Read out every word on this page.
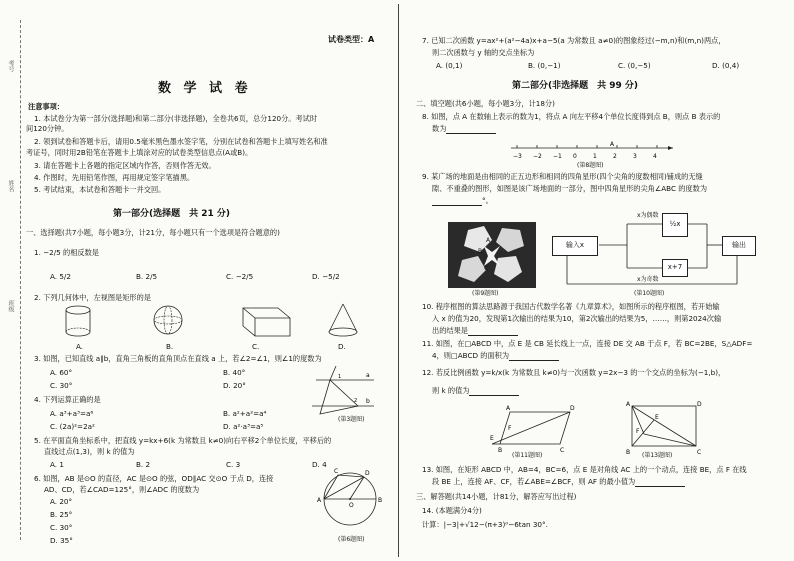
考号
姓名
班级
试卷类型：A
数 学 试 卷
注意事项：
1. 本试卷分为第一部分(选择题)和第二部分(非选择题)，全卷共6页，总分120分。考试时
间120分钟。
2. 领到试卷和答题卡后，请用0.5毫米黑色墨水签字笔，分别在试卷和答题卡上填写姓名和准
考证号，同时用2B铅笔在答题卡上填涂对应的试卷类型信息点(A或B)。
3. 请在答题卡上各题的指定区域内作答，否则作答无效。
4. 作图时，先用铅笔作图，再用规定签字笔描黑。
5. 考试结束，本试卷和答题卡一并交回。
第一部分(选择题　共 21 分)
一、选择题(共7小题，每小题3分，计21分，每小题只有一个选项是符合题意的)
1. −2/5 的相反数是
A. 5/2	B. 2/5	C. −2/5	D. −5/2
2. 下列几何体中，左视图是矩形的是
A.	B.	C.	D.
3. 如图，已知直线 a∥b，直角三角板的直角顶点在直线 a 上，若∠2=∠1，则∠1的度数为
A. 60°	B. 40°
C. 30°	D. 20°
a
b
1
2
(第3题图)
4. 下列运算正确的是
A. a³+a³=a⁶	B. a²+a²=a⁴
C. (2a)²=2a²	D. a²·a³=a⁵
5. 在平面直角坐标系中，把直线 y=kx+6(k 为常数且 k≠0)向右平移2个单位长度，平移后的
直线过点(1,3)，则 k 的值为
A. 1	B. 2	C. 3	D. 4
6. 如图，AB 是⊙O 的直径，AC 是⊙O 的弦，OD∥AC 交⊙O 于点 D，连接
AD、CD，若∠CAD=125°，则∠ADC 的度数为
A. 20°
B. 25°
C. 30°
D. 35°
C	D
A	B
O
(第6题图)
7. 已知二次函数 y=ax²+(a²−4a)x+a−5(a 为常数且 a≠0)的图象经过(−m,n)和(m,n)两点，
则二次函数与 y 轴的交点坐标为
A. (0,1)	B. (0,−1)	C. (0,−5)	D. (0,4)
第二部分(非选择题　共 99 分)
二、填空题(共6小题，每小题3分，计18分)
8. 如图，点 A 在数轴上表示的数为1，将点 A 向左平移4个单位长度得到点 B，则点 B 表示的
数为
−3 −2 −1 0	1	2	3	4
A
(第8题图)
9. 某广场的地面是由相同的正五边形和相同的四角星形(四个尖角的度数相同)铺成的无缝
隙、不重叠的图形，如图是该广场地面的一部分，图中四角星形的尖角∠ABC 的度数为
°。
B
C
A
(第9题图)
输入x
½x
x+7
输出
x为偶数
x为奇数
(第10题图)
10. 程序框图的算法思路源于我国古代数学名著《九章算术》，如图所示的程序框图，若开始输
入 x 的值为20，发现第1次输出的结果为10，第2次输出的结果为5，……，则第2024次输
出的结果是
11. 如图，在□ABCD 中，点 E 是 CB 延长线上一点，连接 DE 交 AB 于点 F，若 BC=2BE，S△ADF=
4，则□ABCD 的面积为
12. 若反比例函数 y=k/x(k 为常数且 k≠0)与一次函数 y=2x−3 的一个交点的坐标为(−1,b)，
则 k 的值为
A	D
C
B
E
F
(第11题图)
A	D
B	C
E
F
(第13题图)
13. 如图，在矩形 ABCD 中，AB=4，BC=6，点 E 是对角线 AC 上的一个动点，连接 BE，点 F 在线
段 BE 上，连接 AF、CF，若∠ABE=∠BCF，则 AF 的最小值为
三、解答题(共14小题，计81分，解答应写出过程)
14. (本题满分4分)
计算：|−3|+√12−(π+3)⁰−6tan 30°.
